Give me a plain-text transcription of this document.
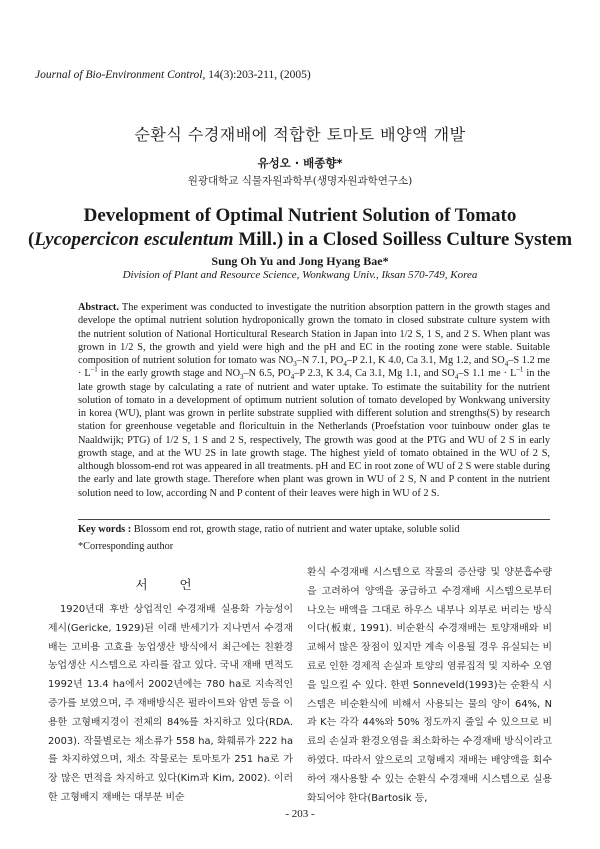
Journal of Bio-Environment Control, 14(3):203-211, (2005)
순환식 수경재배에 적합한 토마토 배양액 개발
유성오 · 배종향*
원광대학교 식물자원과학부(생명자원과학연구소)
Development of Optimal Nutrient Solution of Tomato
(Lycopercicon esculentum Mill.) in a Closed Soilless Culture System
Sung Oh Yu and Jong Hyang Bae*
Division of Plant and Resource Science, Wonkwang Univ., Iksan 570-749, Korea
Abstract. The experiment was conducted to investigate the nutrition absorption pattern in the growth stages and develope the optimal nutrient solution hydroponically grown the tomato in closed substrate culture system with the nutrient solution of National Horticultural Research Station in Japan into 1/2 S, 1 S, and 2 S. When plant was grown in 1/2 S, the growth and yield were high and the pH and EC in the rooting zone were stable. Suitable composition of nutrient solution for tomato was $NO_3-N$ 7.1, $PO_4-P$ 2.1, K 4.0, Ca 3.1, Mg 1.2, and $SO_4-S$ 1.2 me · $L^{-1}$ in the early growth stage and $NO_3-N$ 6.5, $PO_4-P$ 2.3, K 3.4, Ca 3.1, Mg 1.1, and $SO_4-S$ 1.1 me · $L^{-1}$ in the late growth stage by calculating a rate of nutrient and water uptake. To estimate the suitability for the nutrient solution of tomato in a development of optimum nutrient solution of tomato developed by Wonkwang university in korea (WU), plant was grown in perlite substrate supplied with different solution and strengths(S) by research station for greenhouse vegetable and floricultuin in the Netherlands (Proefstation voor tuinbouw onder glas te Naaldwijk; PTG) of 1/2 S, 1 S and 2 S, respectively, The growth was good at the PTG and WU of 2 S in early growth stage, and at the WU 2S in late growth stage. The highest yield of tomato obtained in the WU of 2 S, although blossom-end rot was appeared in all treatments. pH and EC in root zone of WU of 2 S were stable during the early and late growth stage. Therefore when plant was grown in WU of 2 S, N and P content in the nutrient solution need to low, according N and P content of their leaves were high in WU of 2 S.
Key words : Blossom end rot, growth stage, ratio of nutrient and water uptake, soluble solid
*Corresponding author
서 언
1920년대 후반 상업적인 수경재배 실용화 가능성이 제시(Gericke, 1929)된 이래 반세기가 지나면서 수경재배는 고비용 고효율 농업생산 방식에서 최근에는 친환경 농업생산 시스템으로 자리를 잡고 있다. 국내 재배 면적도 1992년 13.4 ha에서 2002년에는 780 ha로 지속적인 증가를 보였으며, 주 재배방식은 펄라이트와 암면 등을 이용한 고형배지경이 전체의 84%를 차지하고 있다(RDA. 2003). 작물별로는 채소류가 558 ha, 화훼류가 222 ha를 차지하였으며, 채소 작물로는 토마토가 251 ha로 가장 많은 면적을 차지하고 있다(Kim과 Kim, 2002). 이러한 고형배지 재배는 대부분 비순
환식 수경재배 시스템으로 작물의 증산량 및 양분흡수량을 고려하여 양액을 공급하고 수경재배 시스템으로부터 나오는 배액을 그대로 하우스 내부나 외부로 버리는 방식이다(板東, 1991). 비순환식 수경재배는 토양재배와 비교해서 많은 장점이 있지만 계속 이용될 경우 유실되는 비료로 인한 경제적 손실과 토양의 염류집적 및 지하수 오염을 일으킬 수 있다. 한편 Sonneveld(1993)는 순환식 시스템은 비순환식에 비해서 사용되는 물의 양이 64%, N과 K는 각각 44%와 50% 정도까지 줄일 수 있으므로 비료의 손실과 환경오염을 최소화하는 수경재배 방식이라고 하였다. 따라서 앞으로의 고형배지 재배는 배양액을 회수하여 재사용할 수 있는 순환식 수경재배 시스템으로 실용화되어야 한다(Bartosik 등,
- 203 -
